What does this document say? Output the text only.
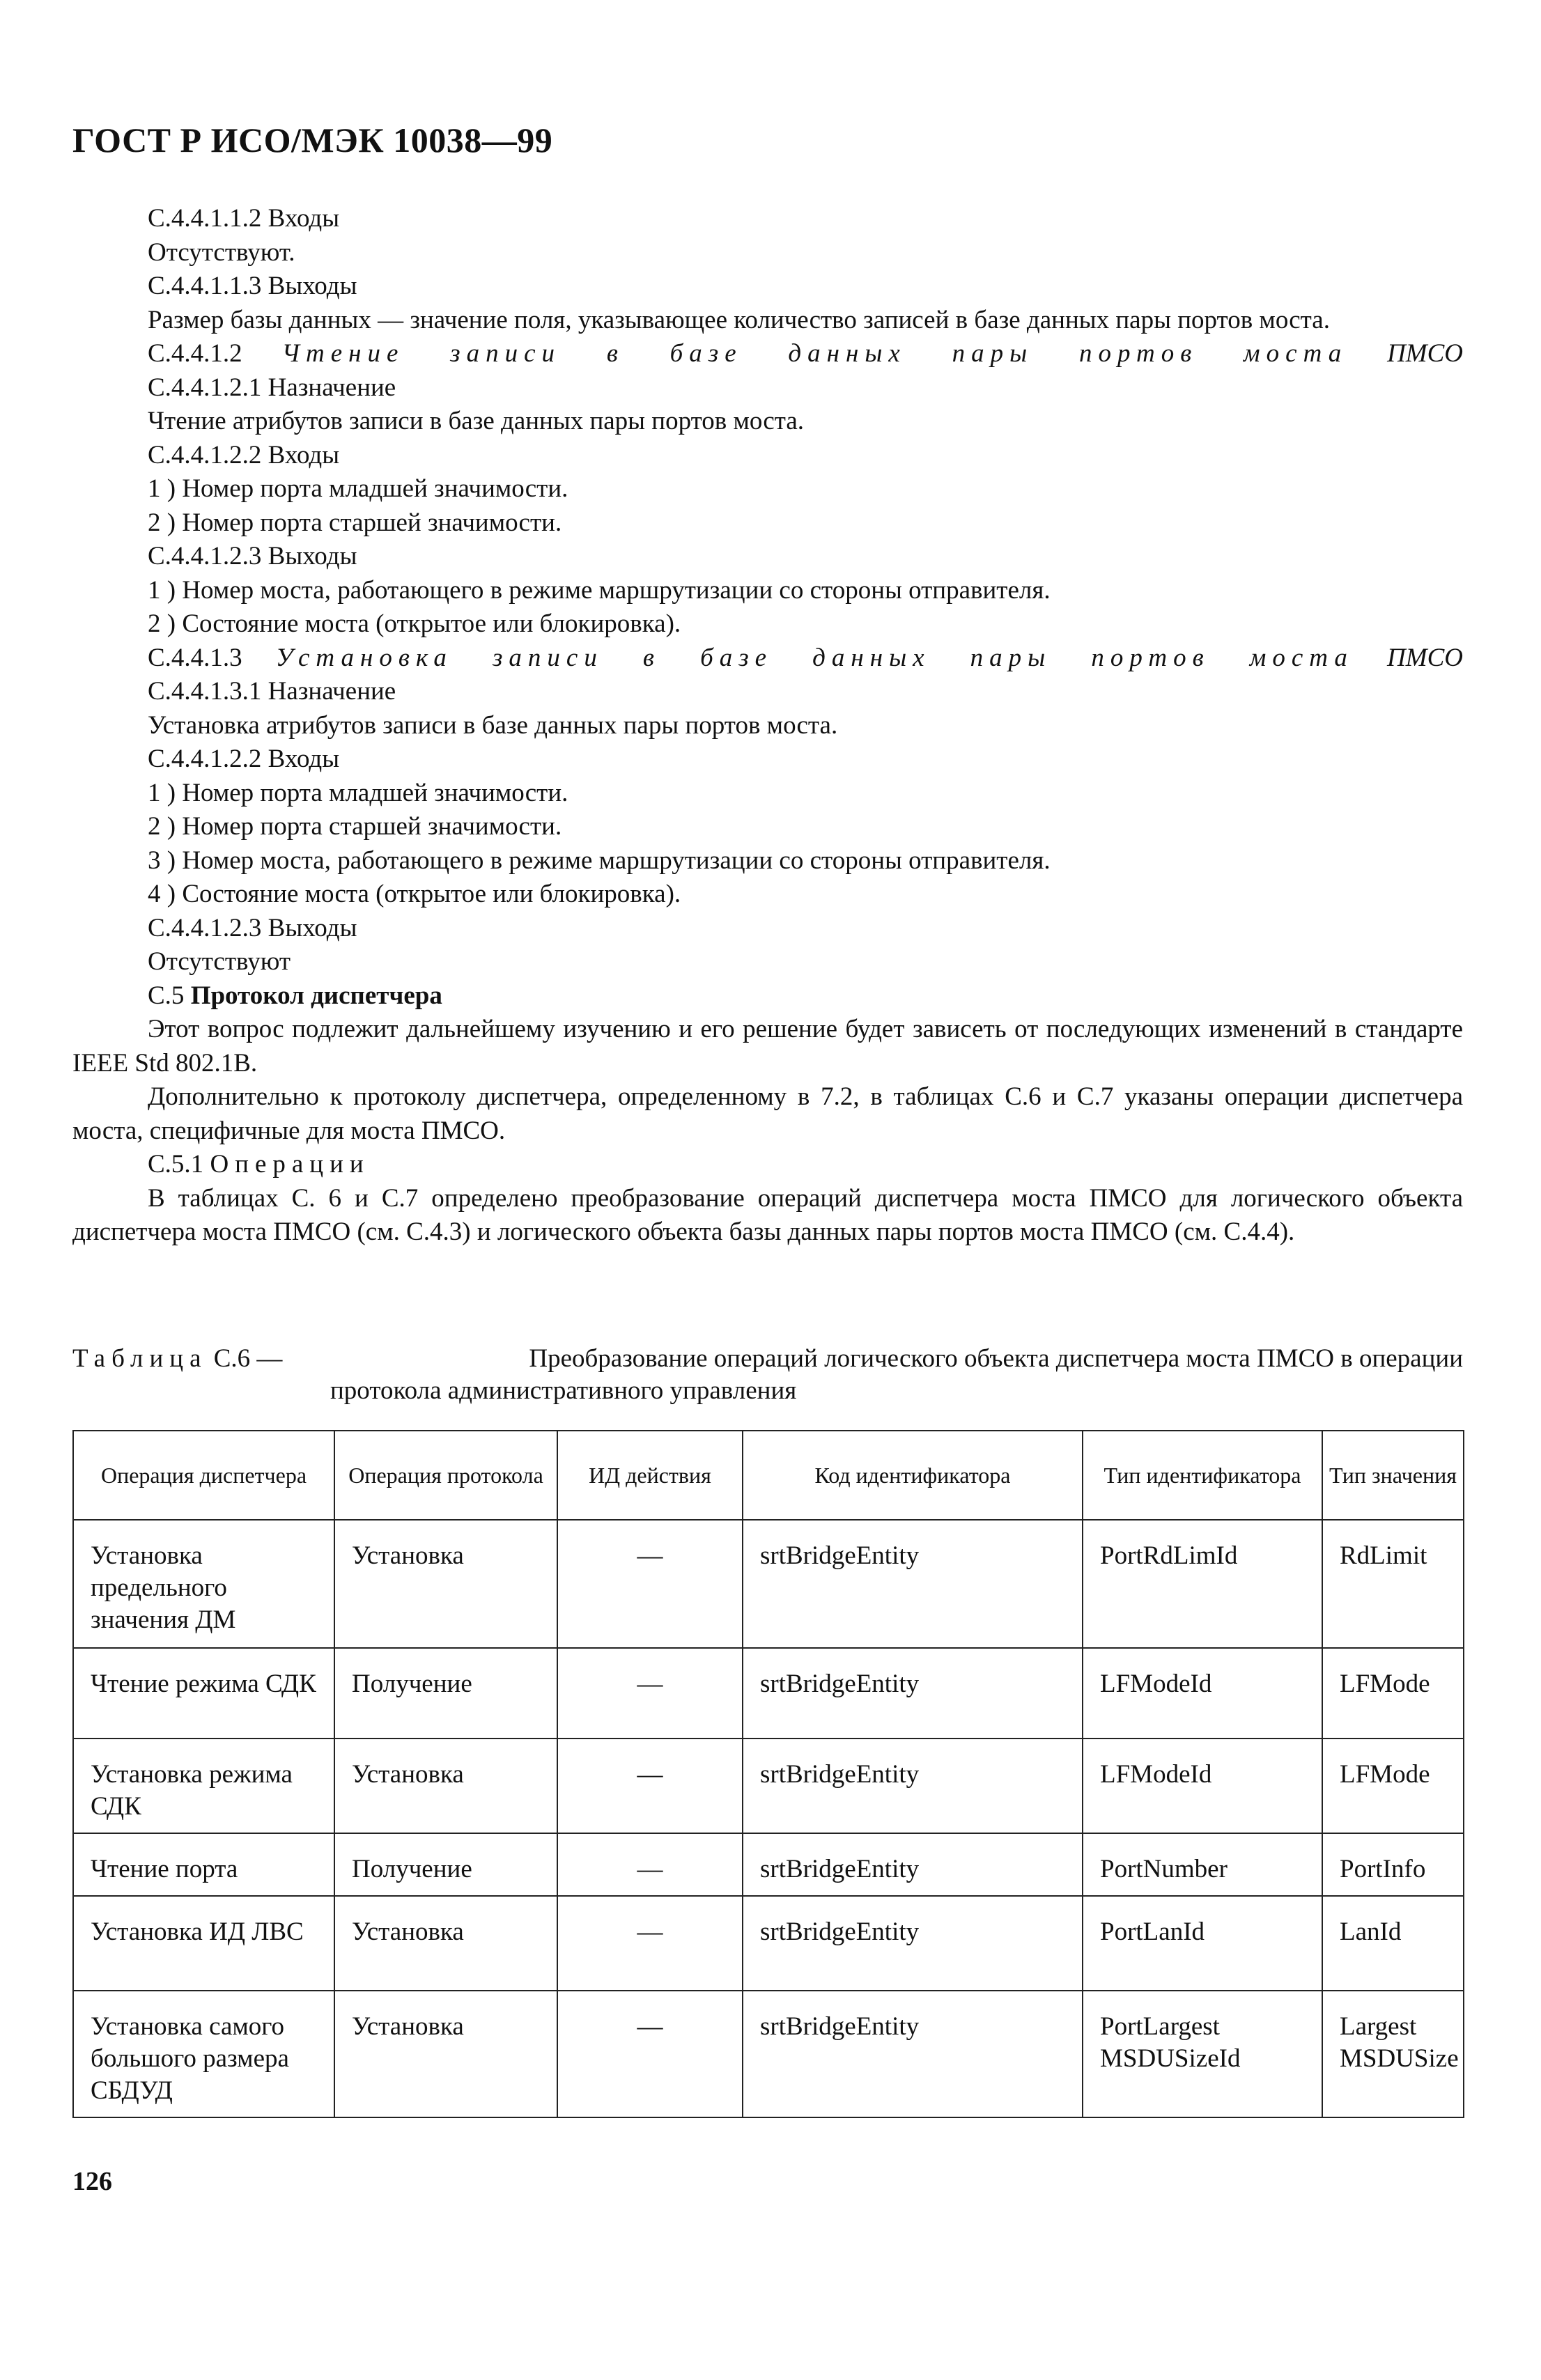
ГОСТ Р ИСО/МЭК 10038—99
С.4.4.1.1.2 Входы
Отсутствуют.
С.4.4.1.1.3 Выходы
Размер базы данных — значение поля, указывающее количество записей в базе данных пары портов моста.
С.4.4.1.2 Чтение записи в базе данных пары портов моста ПМСО
С.4.4.1.2.1 Назначение
Чтение атрибутов записи в базе данных пары портов моста.
С.4.4.1.2.2 Входы
1 ) Номер порта младшей значимости.
2 ) Номер порта старшей значимости.
С.4.4.1.2.3 Выходы
1 ) Номер моста, работающего в режиме маршрутизации со стороны отправителя.
2 ) Состояние моста (открытое или блокировка).
С.4.4.1.3 Установка записи в базе данных пары портов моста ПМСО
С.4.4.1.3.1 Назначение
Установка атрибутов записи в базе данных пары портов моста.
С.4.4.1.2.2 Входы
1 ) Номер порта младшей значимости.
2 ) Номер порта старшей значимости.
3 ) Номер моста, работающего в режиме маршрутизации со стороны отправителя.
4 ) Состояние моста (открытое или блокировка).
С.4.4.1.2.3 Выходы
Отсутствуют
С.5 Протокол диспетчера
Этот вопрос подлежит дальнейшему изучению и его решение будет зависеть от последующих изменений в стандарте IEEE Std 802.1B.
Дополнительно к протоколу диспетчера, определенному в 7.2, в таблицах С.6 и С.7 указаны операции диспетчера моста, специфичные для моста ПМСО.
С.5.1 Операции
В таблицах С. 6 и С.7 определено преобразование операций диспетчера моста ПМСО для логического объекта диспетчера моста ПМСО (см. С.4.3) и логического объекта базы данных пары портов моста ПМСО (см. С.4.4).
Таблица С.6 —	Преобразование операций логического объекта диспетчера моста ПМСО в операции
протокола административного управления
Операция диспетчера	Операция протокола	ИД действия	Код идентификатора	Тип идентификатора	Тип значения
Установка предельного значения ДМ	Установка	—	srtBridgeEntity	PortRdLimId	RdLimit
Чтение режима СДК	Получение	—	srtBridgeEntity	LFModeId	LFMode
Установка режима СДК	Установка	—	srtBridgeEntity	LFModeId	LFMode
Чтение порта	Получение	—	srtBridgeEntity	PortNumber	PortInfo
Установка ИД ЛВС	Установка	—	srtBridgeEntity	PortLanId	LanId
Установка самого большого размера СБДУД	Установка	—	srtBridgeEntity	PortLargest MSDUSizeId	Largest MSDUSize
126
